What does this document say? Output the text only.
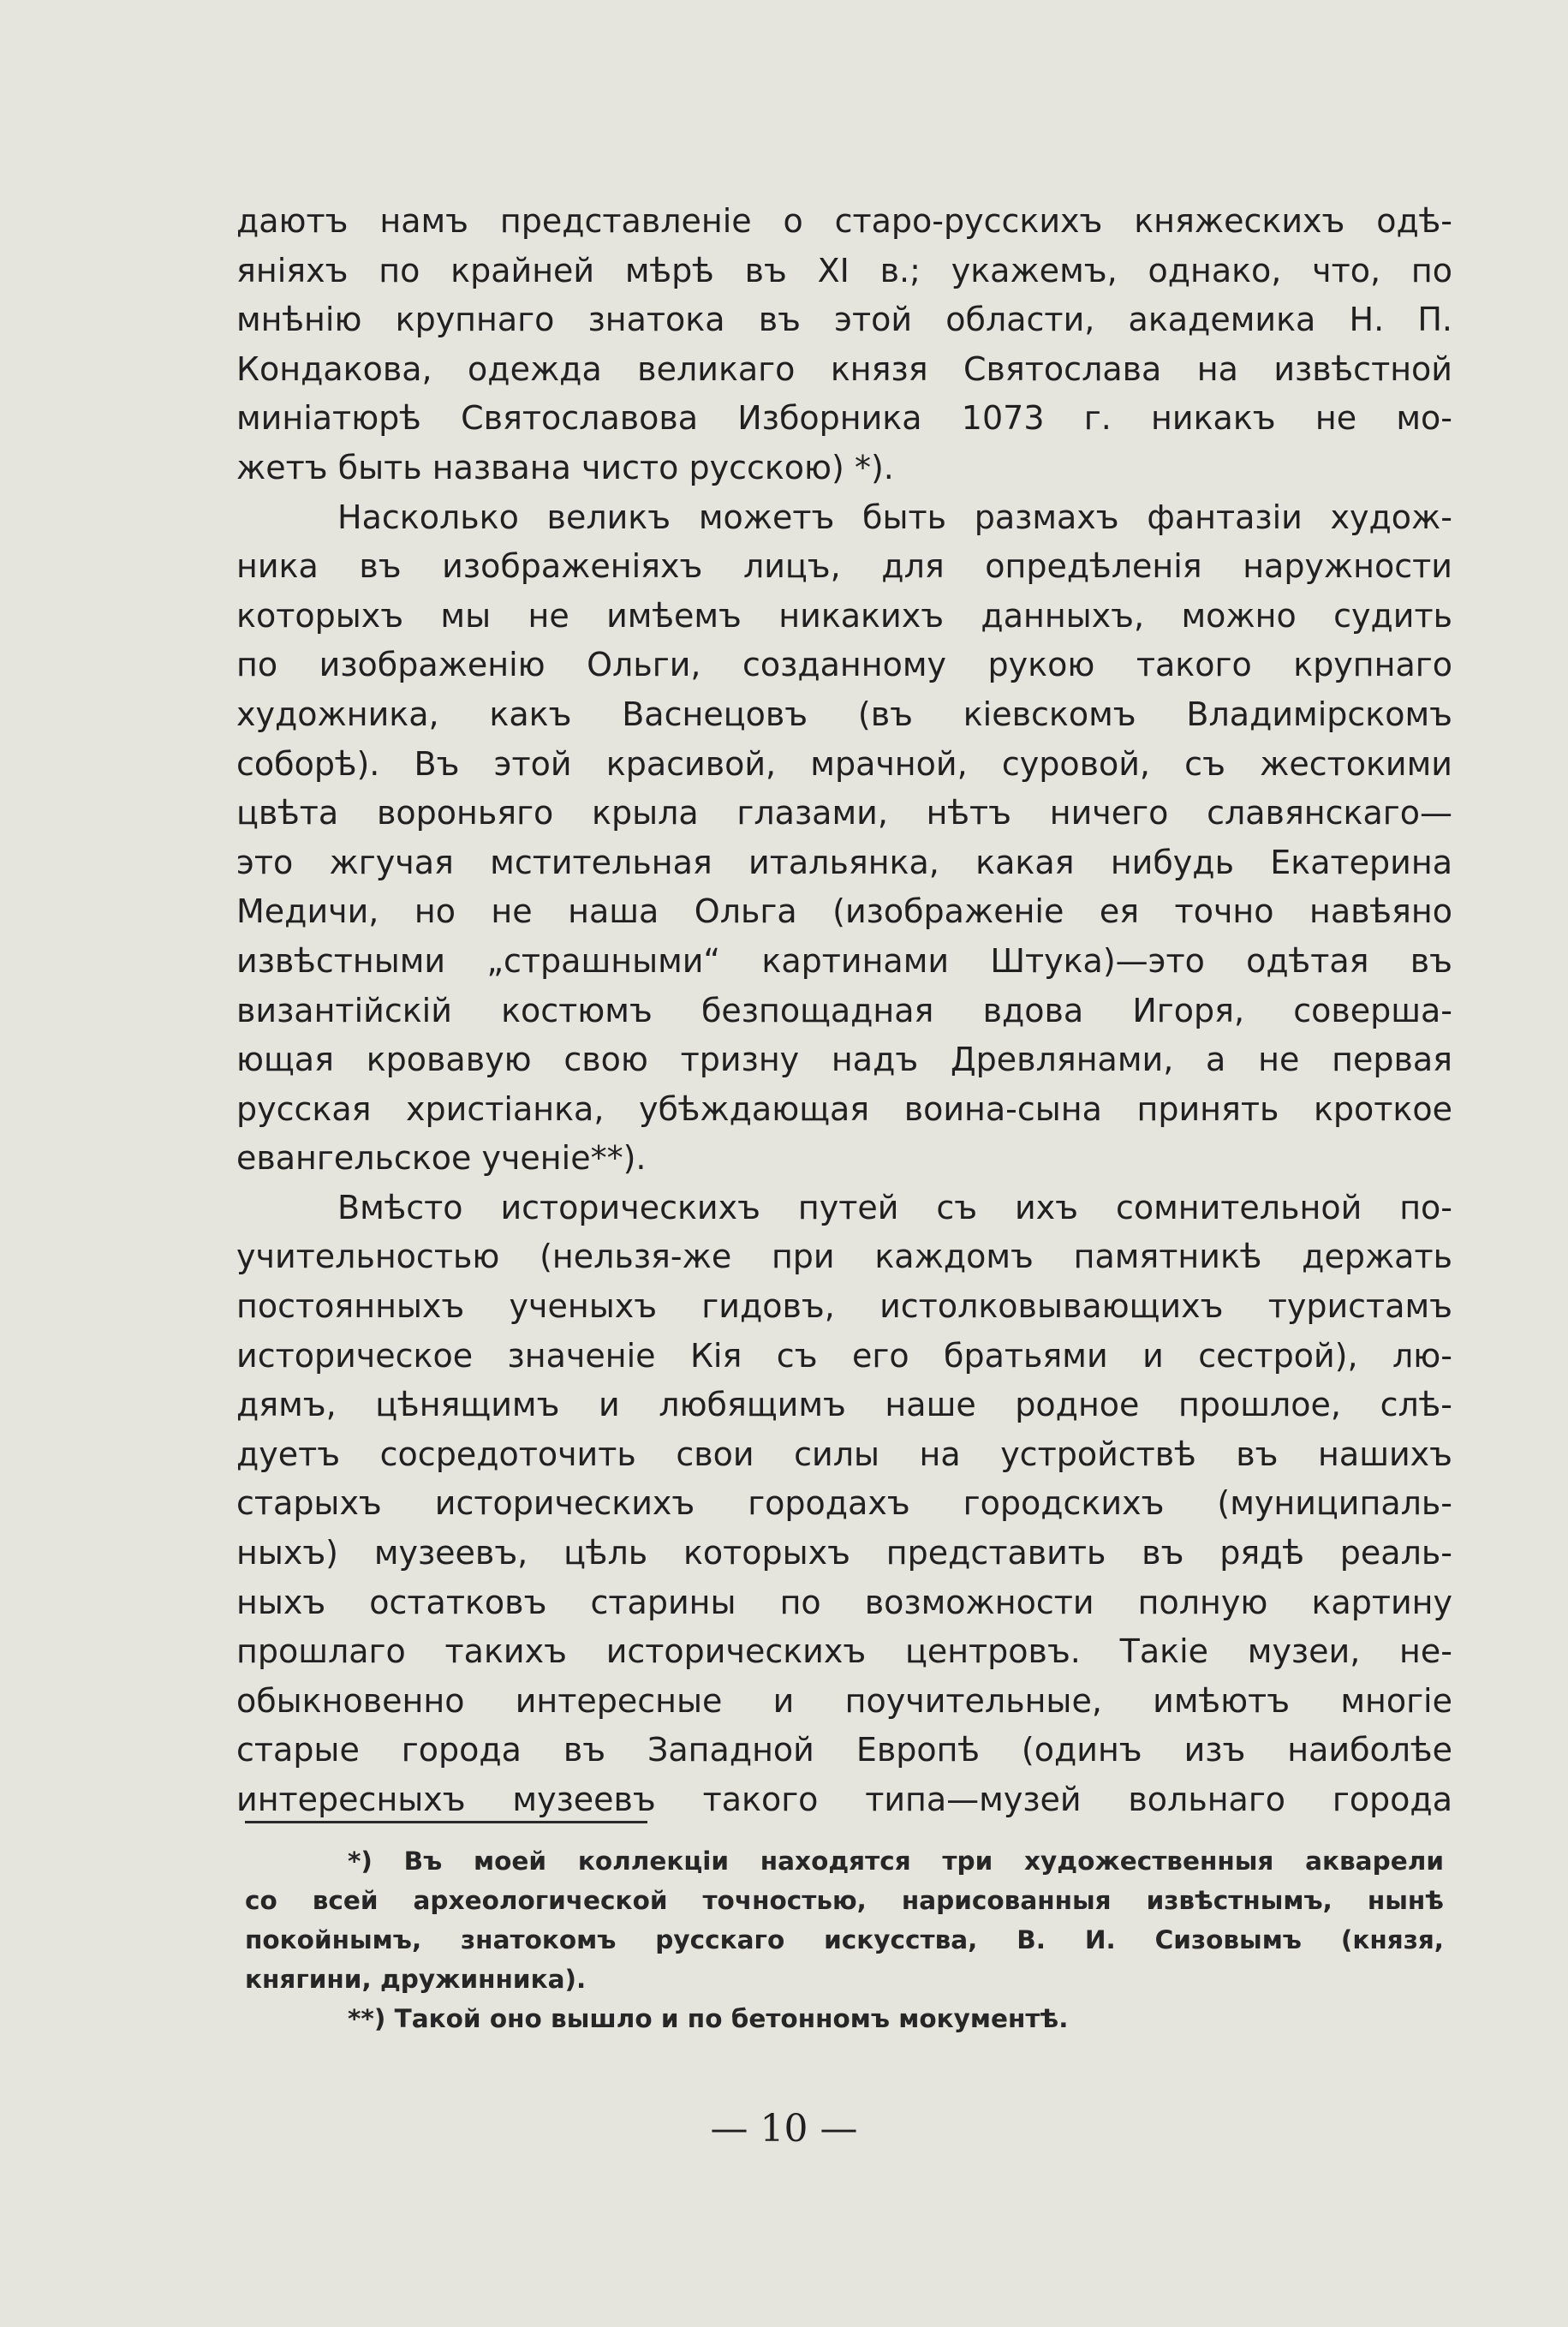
даютъ намъ представленіе о старо-русскихъ княжескихъ одѣ-
яніяхъ по крайней мѣрѣ въ XI в.; укажемъ, однако, что, по
мнѣнію крупнаго знатока въ этой области, академика Н. П.
Кондакова, одежда великаго князя Святослава на извѣстной
миніатюрѣ Святославова Изборника 1073 г. никакъ не мо-
жетъ быть названа чисто русскою) *).
Насколько великъ можетъ быть размахъ фантазіи худож-
ника въ изображеніяхъ лицъ, для опредѣленія наружности
которыхъ мы не имѣемъ никакихъ данныхъ, можно судить
по изображенію Ольги, созданному рукою такого крупнаго
художника, какъ Васнецовъ (въ кіевскомъ Владимірскомъ
соборѣ). Въ этой красивой, мрачной, суровой, съ жестокими
цвѣта вороньяго крыла глазами, нѣтъ ничего славянскаго—
это жгучая мстительная итальянка, какая нибудь Екатерина
Медичи, но не наша Ольга (изображеніе ея точно навѣяно
извѣстными „страшными“ картинами Штука)—это одѣтая въ
византійскій костюмъ безпощадная вдова Игоря, соверша-
ющая кровавую свою тризну надъ Древлянами, а не первая
русская христіанка, убѣждающая воина-сына принять кроткое
евангельское ученіе**).
Вмѣсто историческихъ путей съ ихъ сомнительной по-
учительностью (нельзя-же при каждомъ памятникѣ держать
постоянныхъ ученыхъ гидовъ, истолковывающихъ туристамъ
историческое значеніе Кія съ его братьями и сестрой), лю-
дямъ, цѣнящимъ и любящимъ наше родное прошлое, слѣ-
дуетъ сосредоточить свои силы на устройствѣ въ нашихъ
старыхъ историческихъ городахъ городскихъ (муниципаль-
ныхъ) музеевъ, цѣль которыхъ представить въ рядѣ реаль-
ныхъ остатковъ старины по возможности полную картину
прошлаго такихъ историческихъ центровъ. Такіе музеи, не-
обыкновенно интересные и поучительные, имѣютъ многіе
старые города въ Западной Европѣ (одинъ изъ наиболѣе
интересныхъ музеевъ такого типа—музей вольнаго города
*) Въ моей коллекціи находятся три художественныя акварели
со всей археологической точностью, нарисованныя извѣстнымъ, нынѣ
покойнымъ, знатокомъ русскаго искусства, В. И. Сизовымъ (князя,
княгини, дружинника).
**) Такой оно вышло и по бетонномъ мокументѣ.
— 10 —
